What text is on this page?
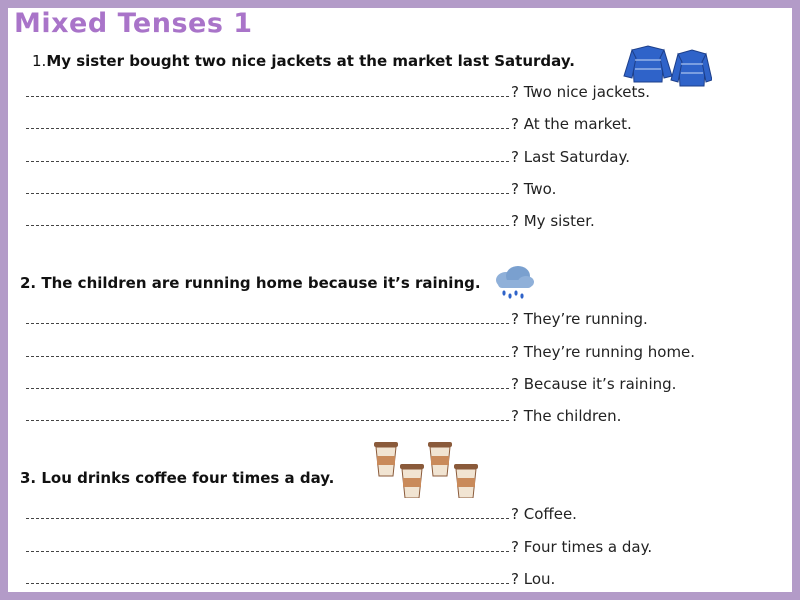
Mixed Tenses 1
1.My sister bought two nice jackets at the market last Saturday.
? Two nice jackets.
? At the market.
? Last Saturday.
? Two.
? My sister.
2. The children are running home because it’s raining.
? They’re running.
? They’re running home.
? Because it’s raining.
? The children.
3. Lou drinks coffee four times a day.
? Coffee.
? Four times a day.
? Lou.
